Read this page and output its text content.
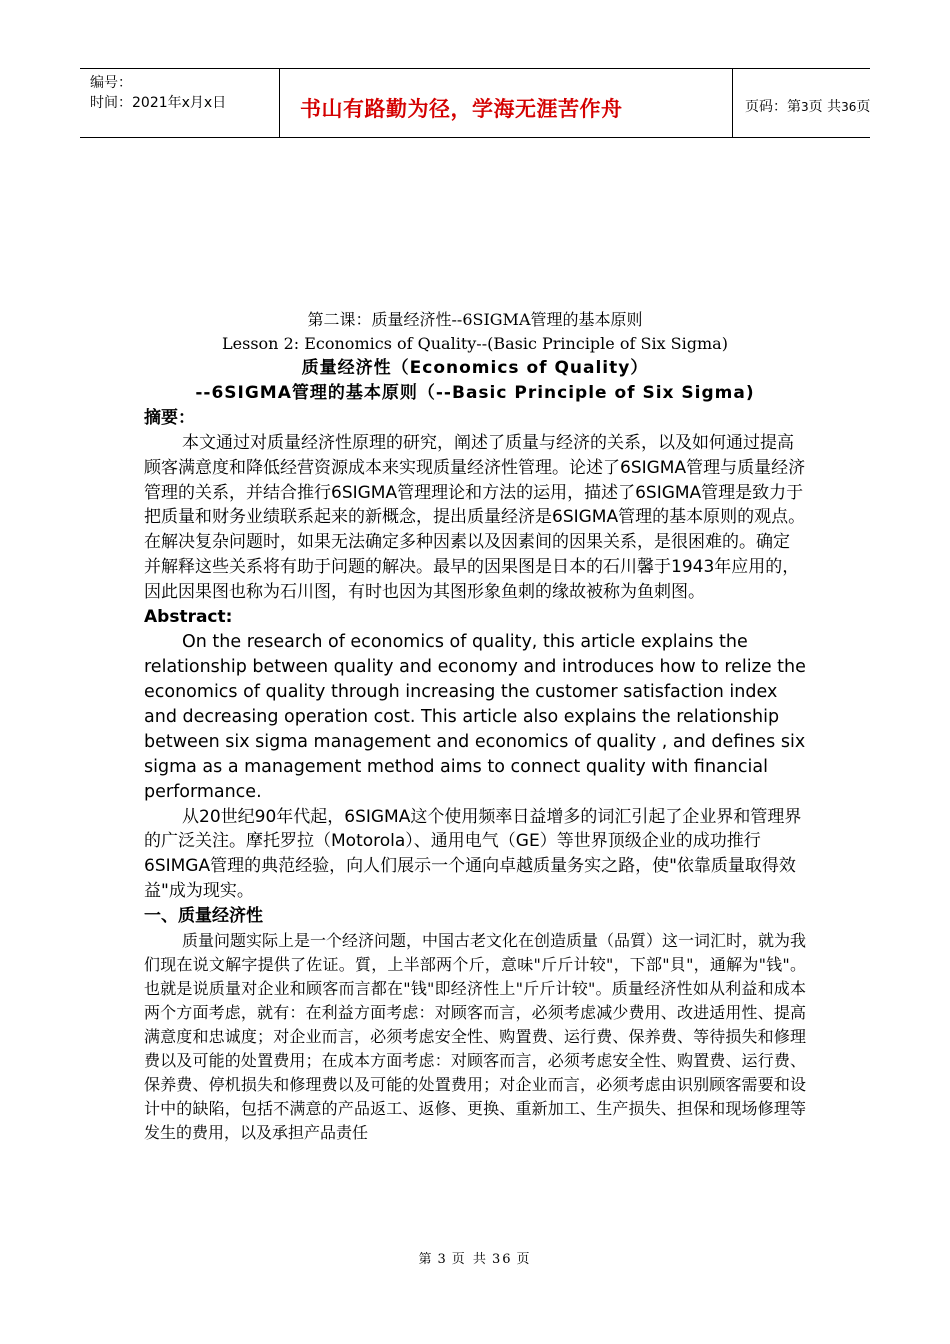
编号：
时间：2021年x月x日	书山有路勤为径，学海无涯苦作舟	页码：第3页 共36页
第二课：质量经济性--6SIGMA管理的基本原则
Lesson 2: Economics of Quality--(Basic Principle of Six Sigma)
质量经济性（Economics of Quality）
--6SIGMA管理的基本原则（--Basic Principle of Six Sigma)
摘要：
本文通过对质量经济性原理的研究，阐述了质量与经济的关系，以及如何通过提高顾客满意度和降低经营资源成本来实现质量经济性管理。论述了6SIGMA管理与质量经济管理的关系，并结合推行6SIGMA管理理论和方法的运用，描述了6SIGMA管理是致力于把质量和财务业绩联系起来的新概念，提出质量经济是6SIGMA管理的基本原则的观点。
在解决复杂问题时，如果无法确定多种因素以及因素间的因果关系，是很困难的。确定并解释这些关系将有助于问题的解决。最早的因果图是日本的石川馨于1943年应用的，因此因果图也称为石川图，有时也因为其图形象鱼刺的缘故被称为鱼刺图。
Abstract:
On the research of economics of quality, this article explains the relationship between quality and economy and introduces how to relize the economics of quality through increasing the customer satisfaction index and decreasing operation cost. This article also explains the relationship between six sigma management and economics of quality , and defines six sigma as a management method aims to connect quality with financial performance.
从20世纪90年代起，6SIGMA这个使用频率日益增多的词汇引起了企业界和管理界的广泛关注。摩托罗拉（Motorola）、通用电气（GE）等世界顶级企业的成功推行6SIMGA管理的典范经验，向人们展示一个通向卓越质量务实之路，使"依靠质量取得效益"成为现实。
一、质量经济性
质量问题实际上是一个经济问题，中国古老文化在创造质量（品質）这一词汇时，就为我们现在说文解字提供了佐证。質，上半部两个斤，意味"斤斤计较"，下部"貝"，通解为"钱"。也就是说质量对企业和顾客而言都在"钱"即经济性上"斤斤计较"。质量经济性如从利益和成本两个方面考虑，就有：在利益方面考虑：对顾客而言，必须考虑减少费用、改进适用性、提高满意度和忠诚度；对企业而言，必须考虑安全性、购置费、运行费、保养费、等待损失和修理费以及可能的处置费用；在成本方面考虑：对顾客而言，必须考虑安全性、购置费、运行费、保养费、停机损失和修理费以及可能的处置费用；对企业而言，必须考虑由识别顾客需要和设计中的缺陷，包括不满意的产品返工、返修、更换、重新加工、生产损失、担保和现场修理等发生的费用，以及承担产品责任
第 3 页 共 36 页
